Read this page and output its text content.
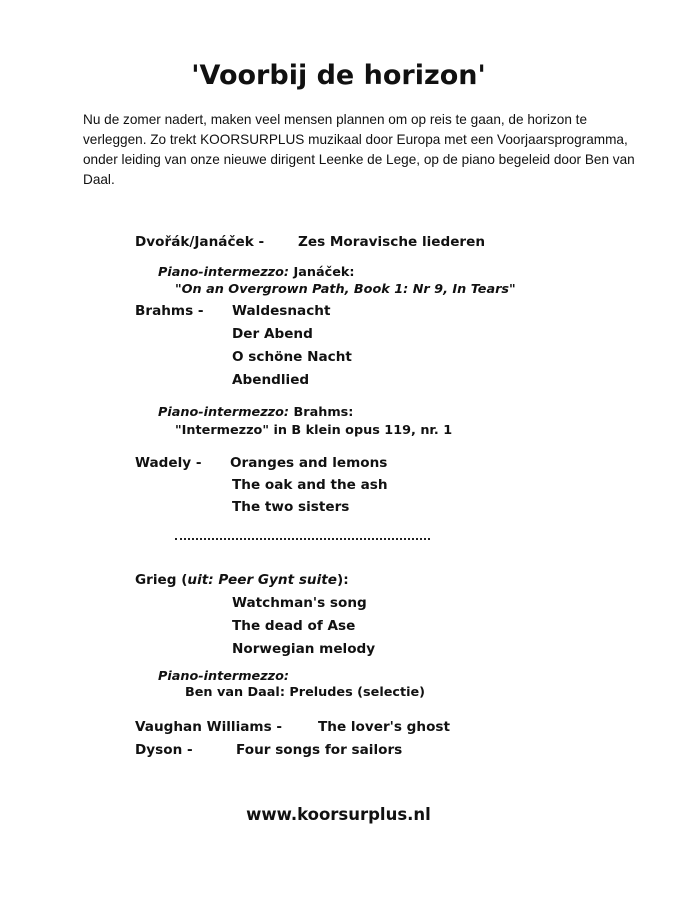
'Voorbij de horizon'

Nu de zomer nadert, maken veel mensen plannen om op reis te gaan, de horizon te verleggen. Zo trekt KOORSURPLUS muzikaal door Europa met een Voorjaarsprogramma, onder leiding van onze nieuwe dirigent Leenke de Lege, op de piano begeleid door Ben van Daal.

Dvořák/Janáček - Zes Moravische liederen
Piano-intermezzo: Janáček:
"On an Overgrown Path, Book 1: Nr 9, In Tears"
Brahms - Waldesnacht
Der Abend
O schöne Nacht
Abendlied
Piano-intermezzo: Brahms:
"Intermezzo" in B klein opus 119, nr. 1
Wadely - Oranges and lemons
The oak and the ash
The two sisters
Grieg (uit: Peer Gynt suite):
Watchman's song
The dead of Ase
Norwegian melody
Piano-intermezzo:
Ben van Daal: Preludes (selectie)
Vaughan Williams -	The lover's ghost
Dyson -	Four songs for sailors
www.koorsurplus.nl
